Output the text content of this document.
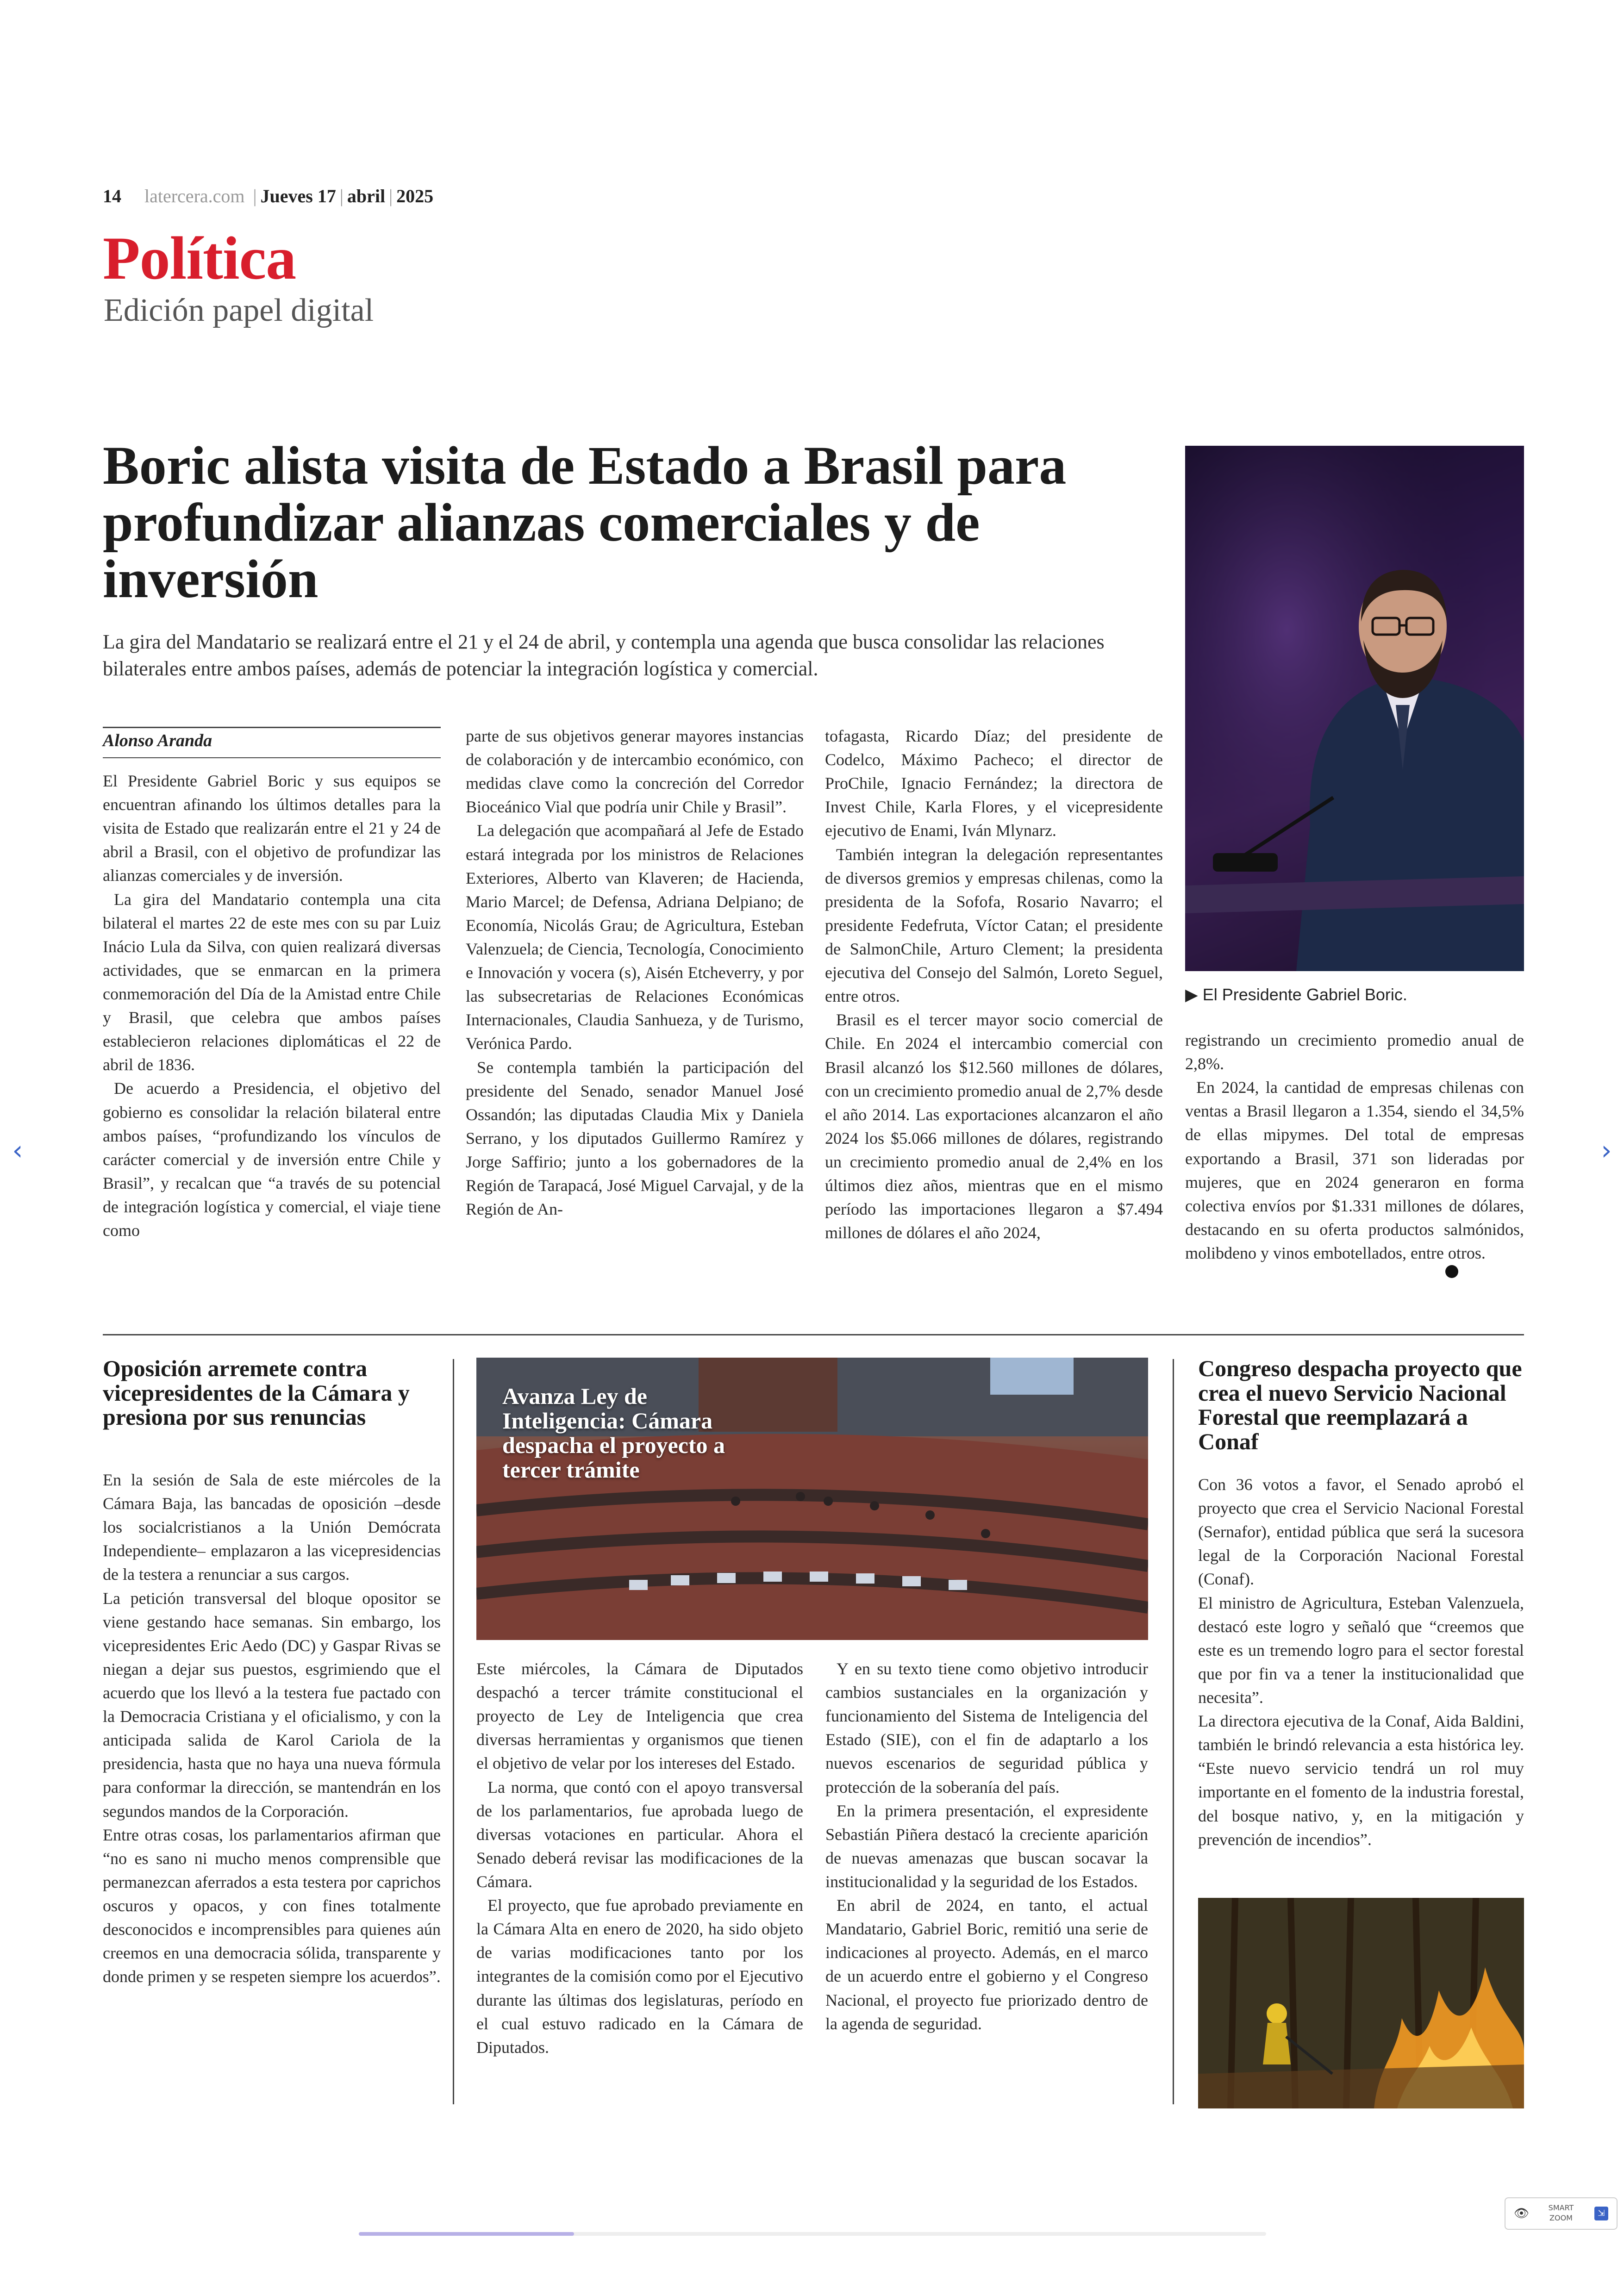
14 latercera.com | Jueves 17 | abril | 2025
Política
Edición papel digital
Boric alista visita de Estado a Brasil para profundizar alianzas comerciales y de inversión

La gira del Mandatario se realizará entre el 21 y el 24 de abril, y contempla una agenda que busca consolidar las relaciones bilaterales entre ambos países, además de potenciar la integración logística y comercial.

Alonso Aranda

El Presidente Gabriel Boric y sus equipos se encuentran afinando los últimos detalles para la visita de Estado que realizarán entre el 21 y 24 de abril a Brasil, con el objetivo de profundizar las alianzas comerciales y de inversión.

La gira del Mandatario contempla una cita bilateral el martes 22 de este mes con su par Luiz Inácio Lula da Silva, con quien realizará diversas actividades, que se enmarcan en la primera conmemoración del Día de la Amistad entre Chile y Brasil, que celebra que ambos países establecieron relaciones diplomáticas el 22 de abril de 1836.

De acuerdo a Presidencia, el objetivo del gobierno es consolidar la relación bilateral entre ambos países, “profundizando los vínculos de carácter comercial y de inversión entre Chile y Brasil”, y recalcan que “a través de su potencial de integración logística y comercial, el viaje tiene como

parte de sus objetivos generar mayores instancias de colaboración y de intercambio económico, con medidas clave como la concreción del Corredor Bioceánico Vial que podría unir Chile y Brasil”.

La delegación que acompañará al Jefe de Estado estará integrada por los ministros de Relaciones Exteriores, Alberto van Klaveren; de Hacienda, Mario Marcel; de Defensa, Adriana Delpiano; de Economía, Nicolás Grau; de Agricultura, Esteban Valenzuela; de Ciencia, Tecnología, Conocimiento e Innovación y vocera (s), Aisén Etcheverry, y por las subsecretarias de Relaciones Económicas Internacionales, Claudia Sanhueza, y de Turismo, Verónica Pardo.

Se contempla también la participación del presidente del Senado, senador Manuel José Ossandón; las diputadas Claudia Mix y Daniela Serrano, y los diputados Guillermo Ramírez y Jorge Saffirio; junto a los gobernadores de la Región de Tarapacá, José Miguel Carvajal, y de la Región de An-

tofagasta, Ricardo Díaz; del presidente de Codelco, Máximo Pacheco; el director de ProChile, Ignacio Fernández; la directora de Invest Chile, Karla Flores, y el vicepresidente ejecutivo de Enami, Iván Mlynarz.

También integran la delegación representantes de diversos gremios y empresas chilenas, como la presidenta de la Sofofa, Rosario Navarro; el presidente Fedefruta, Víctor Catan; el presidente de SalmonChile, Arturo Clement; la presidenta ejecutiva del Consejo del Salmón, Loreto Seguel, entre otros.

Brasil es el tercer mayor socio comercial de Chile. En 2024 el intercambio comercial con Brasil alcanzó los $12.560 millones de dólares, con un crecimiento promedio anual de 2,7% desde el año 2014. Las exportaciones alcanzaron el año 2024 los $5.066 millones de dólares, registrando un crecimiento promedio anual de 2,4% en los últimos diez años, mientras que en el mismo período las importaciones llegaron a $7.494 millones de dólares el año 2024,

▶ El Presidente Gabriel Boric.

registrando un crecimiento promedio anual de 2,8%.

En 2024, la cantidad de empresas chilenas con ventas a Brasil llegaron a 1.354, siendo el 34,5% de ellas mipymes. Del total de empresas exportando a Brasil, 371 son lideradas por mujeres, que en 2024 generaron en forma colectiva envíos por $1.331 millones de dólares, destacando en su oferta productos salmónidos, molibdeno y vinos embotellados, entre otros.

Oposición arremete contra vicepresidentes de la Cámara y presiona por sus renuncias

En la sesión de Sala de este miércoles de la Cámara Baja, las bancadas de oposición –desde los socialcristianos a la Unión Demócrata Independiente– emplazaron a las vicepresidencias de la testera a renunciar a sus cargos.

La petición transversal del bloque opositor se viene gestando hace semanas. Sin embargo, los vicepresidentes Eric Aedo (DC) y Gaspar Rivas se niegan a dejar sus puestos, esgrimiendo que el acuerdo que los llevó a la testera fue pactado con la Democracia Cristiana y el oficialismo, y con la anticipada salida de Karol Cariola de la presidencia, hasta que no haya una nueva fórmula para conformar la dirección, se mantendrán en los segundos mandos de la Corporación.

Entre otras cosas, los parlamentarios afirman que “no es sano ni mucho menos comprensible que permanezcan aferrados a esta testera por caprichos oscuros y opacos, y con fines totalmente desconocidos e incomprensibles para quienes aún creemos en una democracia sólida, transparente y donde primen y se respeten siempre los acuerdos”.

Avanza Ley de Inteligencia: Cámara despacha el proyecto a tercer trámite

Este miércoles, la Cámara de Diputados despachó a tercer trámite constitucional el proyecto de Ley de Inteligencia que crea diversas herramientas y organismos que tienen el objetivo de velar por los intereses del Estado.

La norma, que contó con el apoyo transversal de los parlamentarios, fue aprobada luego de diversas votaciones en particular. Ahora el Senado deberá revisar las modificaciones de la Cámara.

El proyecto, que fue aprobado previamente en la Cámara Alta en enero de 2020, ha sido objeto de varias modificaciones tanto por los integrantes de la comisión como por el Ejecutivo durante las últimas dos legislaturas, período en el cual estuvo radicado en la Cámara de Diputados.

Y en su texto tiene como objetivo introducir cambios sustanciales en la organización y funcionamiento del Sistema de Inteligencia del Estado (SIE), con el fin de adaptarlo a los nuevos escenarios de seguridad pública y protección de la soberanía del país.

En la primera presentación, el expresidente Sebastián Piñera destacó la creciente aparición de nuevas amenazas que buscan socavar la institucionalidad y la seguridad de los Estados.

En abril de 2024, en tanto, el actual Mandatario, Gabriel Boric, remitió una serie de indicaciones al proyecto. Además, en el marco de un acuerdo entre el gobierno y el Congreso Nacional, el proyecto fue priorizado dentro de la agenda de seguridad.

Congreso despacha proyecto que crea el nuevo Servicio Nacional Forestal que reemplazará a Conaf

Con 36 votos a favor, el Senado aprobó el proyecto que crea el Servicio Nacional Forestal (Sernafor), entidad pública que será la sucesora legal de la Corporación Nacional Forestal (Conaf).

El ministro de Agricultura, Esteban Valenzuela, destacó este logro y señaló que “creemos que este es un tremendo logro para el sector forestal que por fin va a tener la institucionalidad que necesita”.

La directora ejecutiva de la Conaf, Aida Baldini, también le brindó relevancia a esta histórica ley. “Este nuevo servicio tendrá un rol muy importante en el fomento de la industria forestal, del bosque nativo, y, en la mitigación y prevención de incendios”.

‹	›
👁	SMART ZOOM	⇲
